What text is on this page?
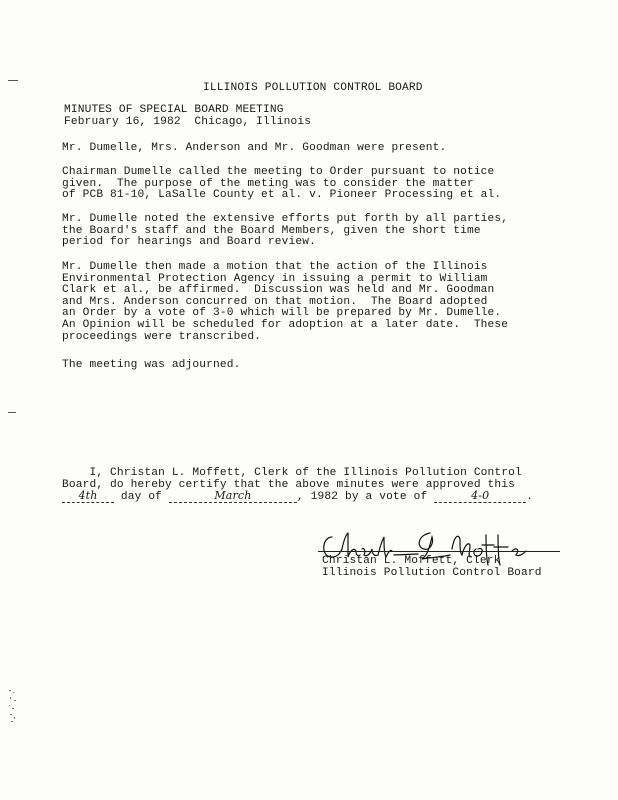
ILLINOIS POLLUTION CONTROL BOARD
MINUTES OF SPECIAL BOARD MEETING
February 16, 1982  Chicago, Illinois
Mr. Dumelle, Mrs. Anderson and Mr. Goodman were present.
Chairman Dumelle called the meeting to Order pursuant to notice
given.  The purpose of the meting was to consider the matter
of PCB 81-10, LaSalle County et al. v. Pioneer Processing et al.
Mr. Dumelle noted the extensive efforts put forth by all parties,
the Board's staff and the Board Members, given the short time
period for hearings and Board review.
Mr. Dumelle then made a motion that the action of the Illinois
Environmental Protection Agency in issuing a permit to William
Clark et al., be affirmed.  Discussion was held and Mr. Goodman
and Mrs. Anderson concurred on that motion.  The Board adopted
an Order by a vote of 3-0 which will be prepared by Mr. Dumelle.
An Opinion will be scheduled for adoption at a later date.  These
proceedings were transcribed.
The meeting was adjourned.
I, Christan L. Moffett, Clerk of the Illinois Pollution Control
Board, do hereby certify that the above minutes were approved this
4th day of	March	, 1982 by a vote of	4-0	.
Christan L. Moffett, Clerk
Illinois Pollution Control Board
